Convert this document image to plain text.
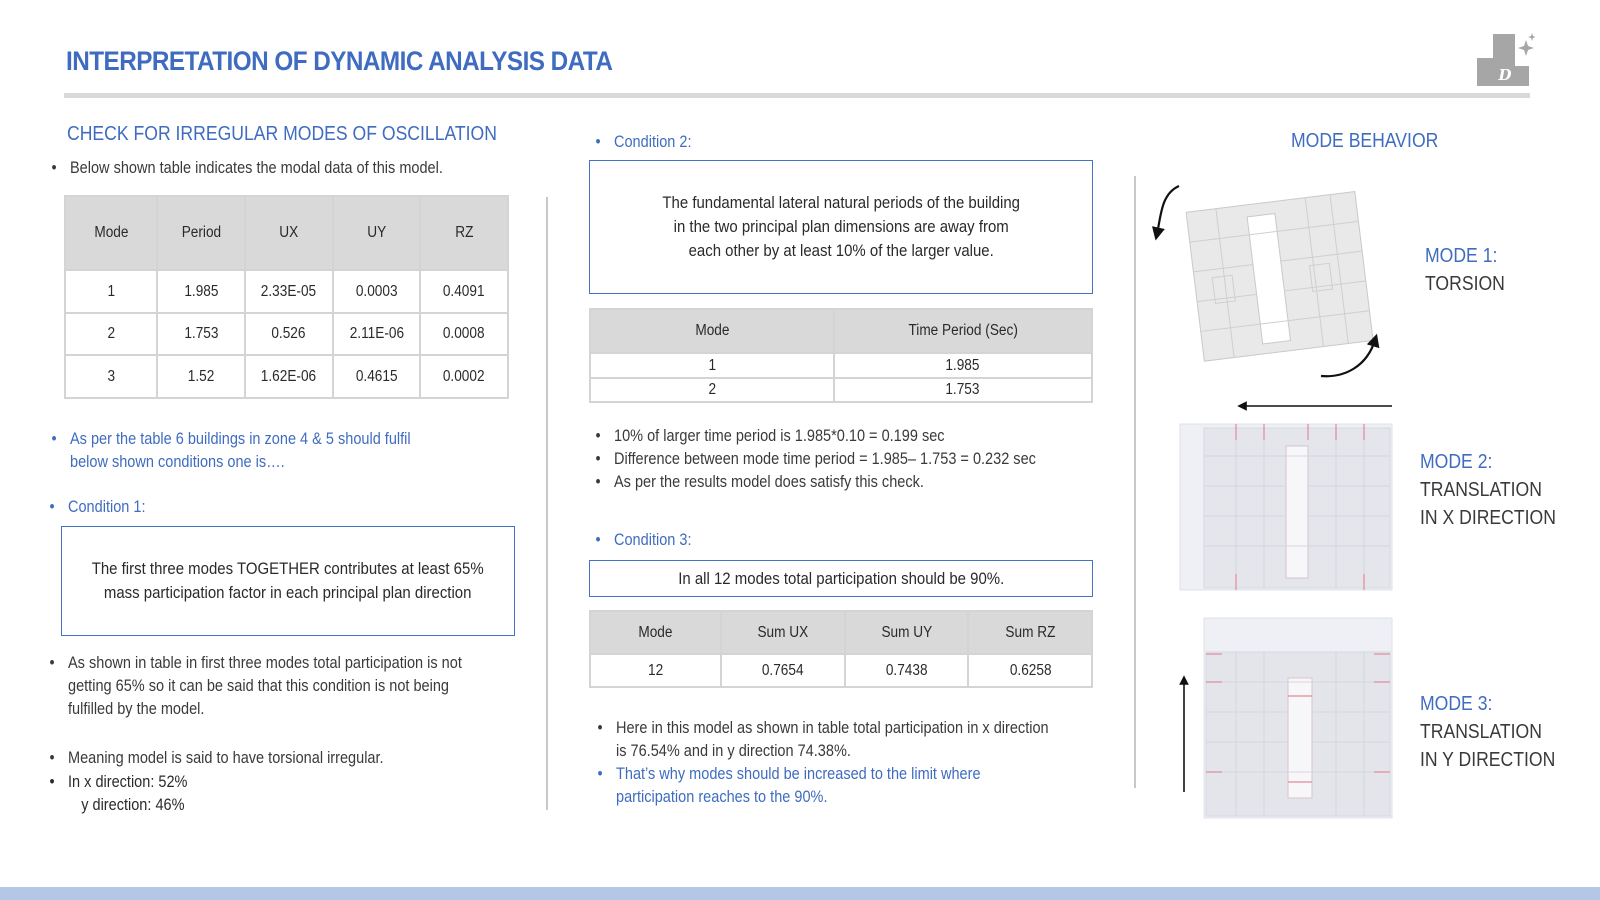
INTERPRETATION OF DYNAMIC ANALYSIS DATA	D
CHECK FOR IRREGULAR MODES OF OSCILLATION
• Below shown table indicates the modal data of this model.
Mode	Period	UX	UY	RZ
1	1.985	2.33E-05	0.0003	0.4091
2	1.753	0.526	2.11E-06	0.0008
3	1.52	1.62E-06	0.4615	0.0002
• As per the table 6 buildings in zone 4 & 5 should fulfil
below shown conditions one is….
• Condition 1:
The first three modes TOGETHER contributes at least 65%
mass participation factor in each principal plan direction
• As shown in table in first three modes total participation is not
getting 65% so it can be said that this condition is not being
fulfilled by the model.
• Meaning model is said to have torsional irregular.
• In x direction: 52%
y direction: 46%
• Condition 2:
The fundamental lateral natural periods of the building
in the two principal plan dimensions are away from
each other by at least 10% of the larger value.
Mode	Time Period (Sec)
1	1.985
2	1.753
• 10% of larger time period is 1.985*0.10 = 0.199 sec

• Difference between mode time period = 1.985– 1.753 = 0.232 sec

• As per the results model does satisfy this check.
• Condition 3:
In all 12 modes total participation should be 90%.
Mode	Sum UX	Sum UY	Sum RZ
12	0.7654	0.7438	0.6258
• Here in this model as shown in table total participation in x direction
is 76.54% and in y direction 74.38%.
• That’s why modes should be increased to the limit where
participation reaches to the 90%.
MODE BEHAVIOR
MODE 1:
TORSION
MODE 2:
TRANSLATION
IN X DIRECTION
MODE 3:
TRANSLATION
IN Y DIRECTION
